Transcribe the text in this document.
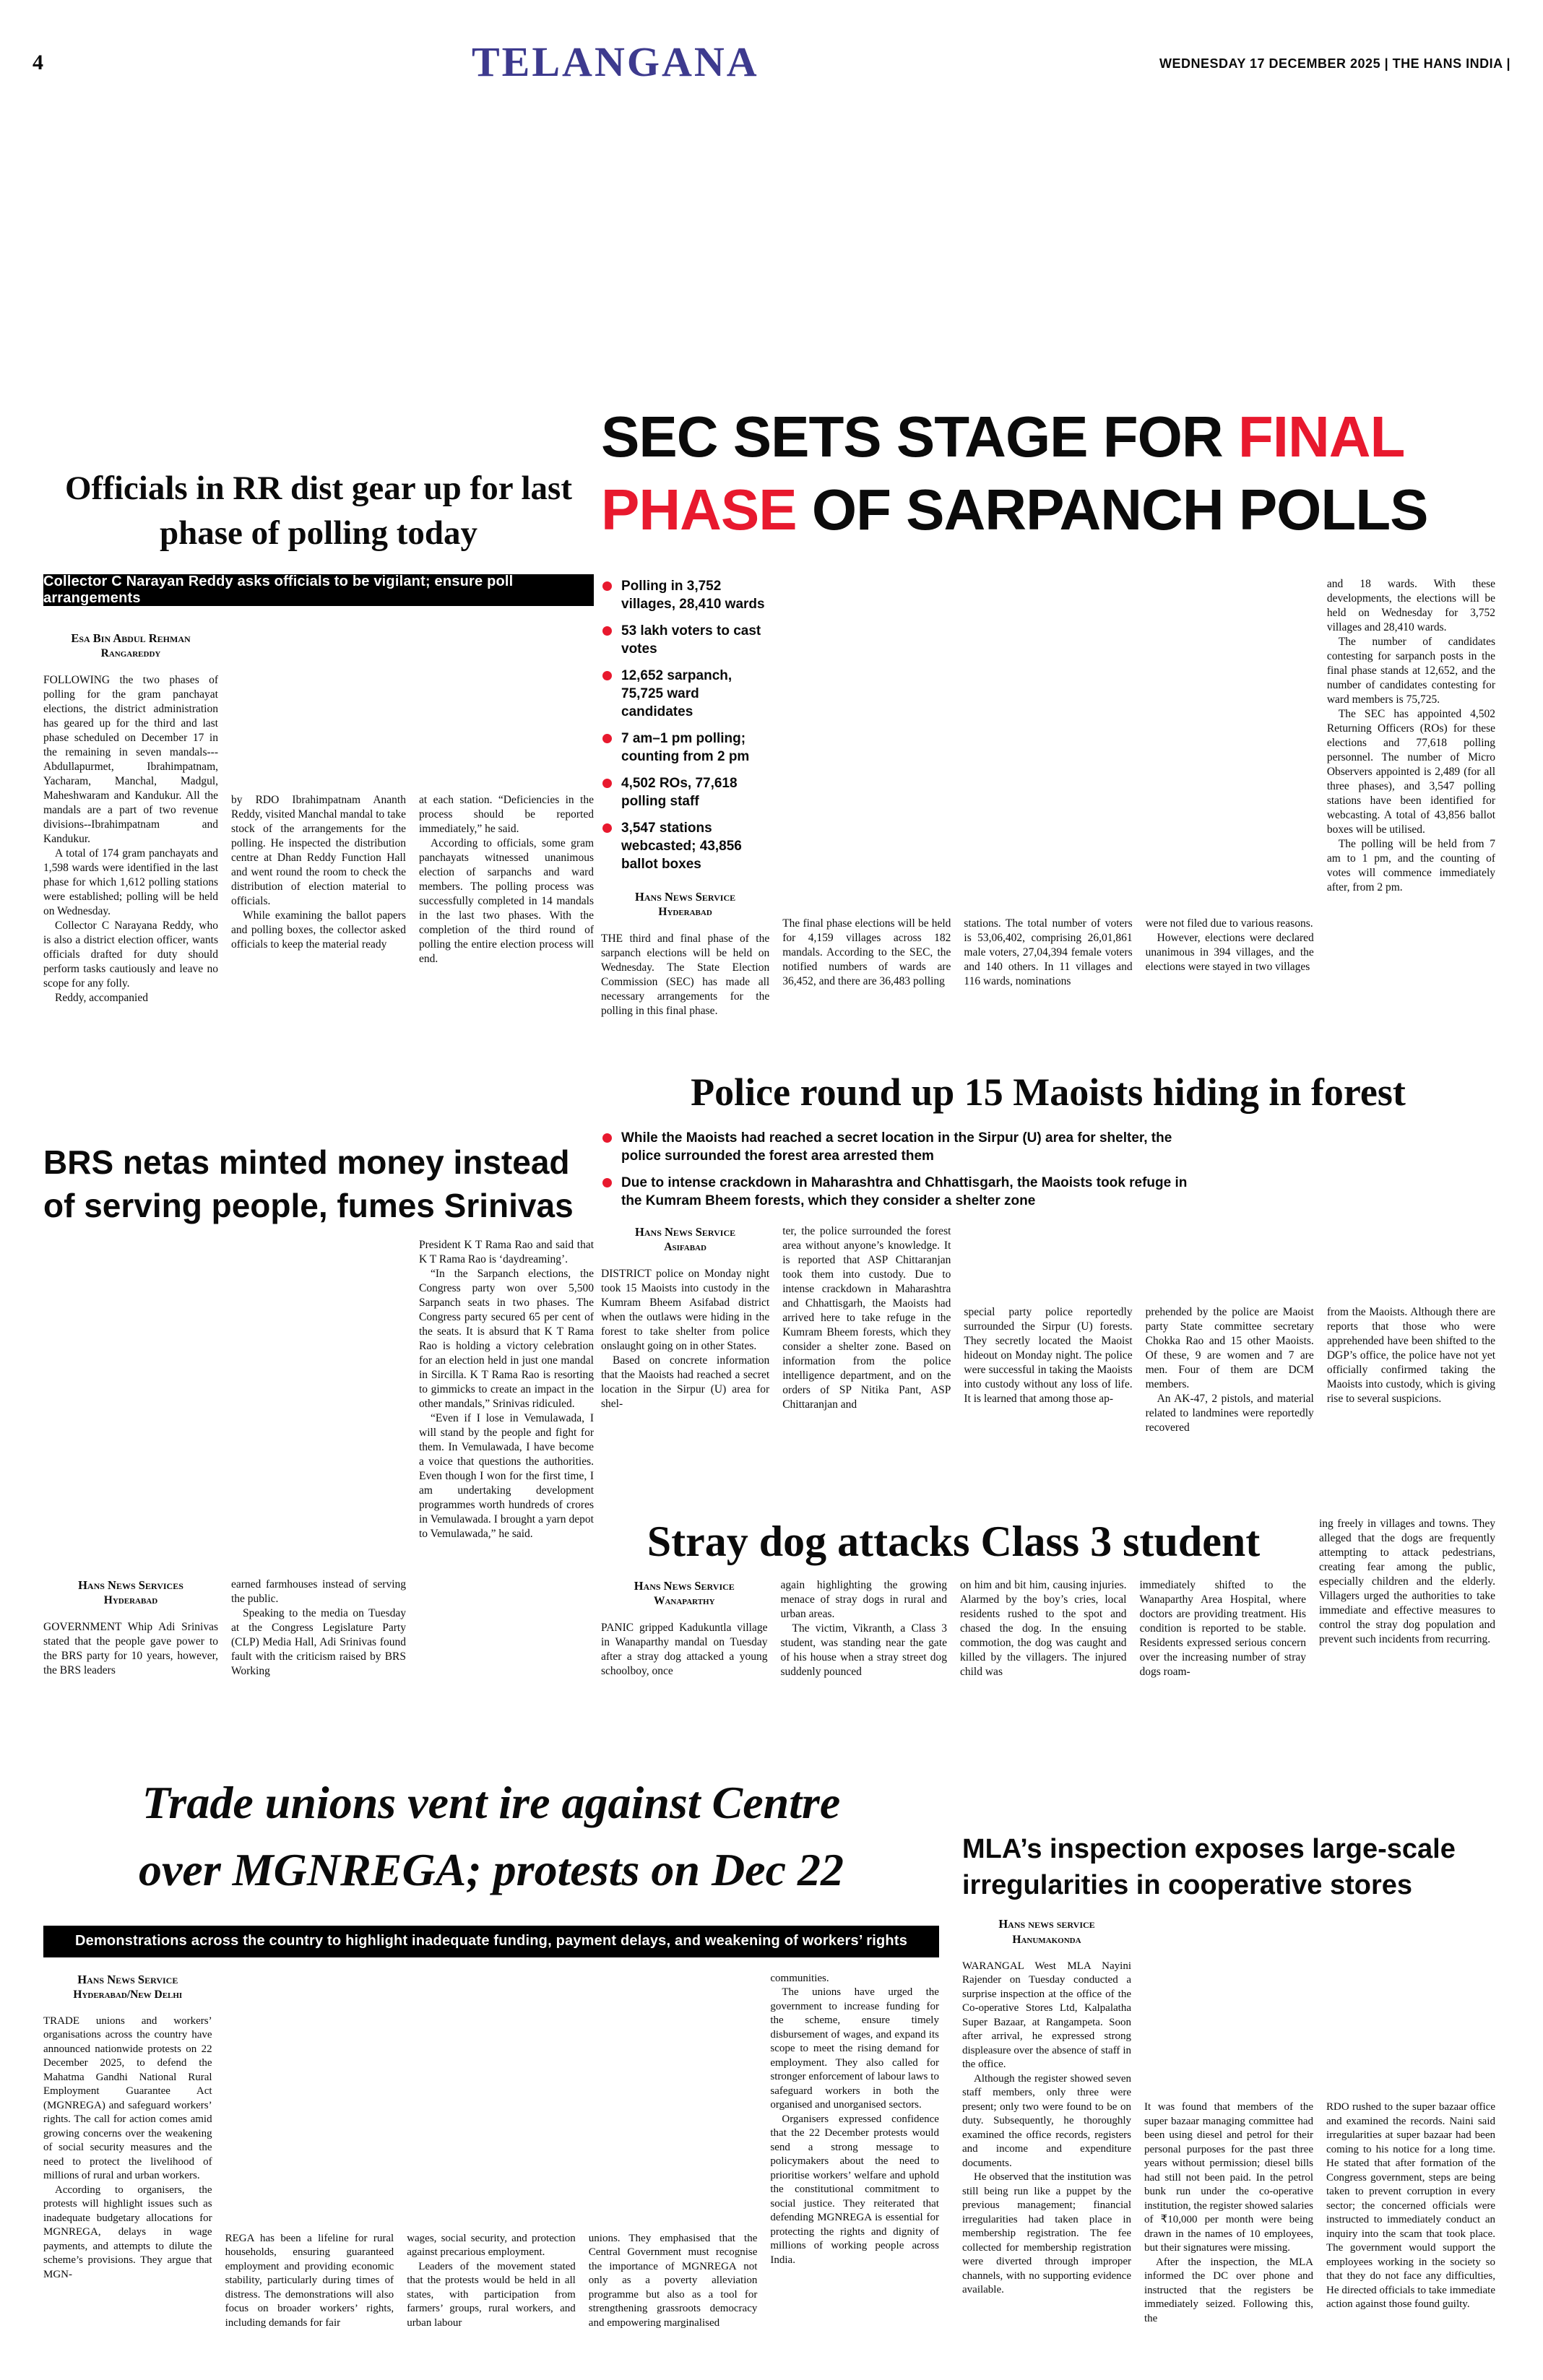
4	TELANGANA	WEDNESDAY 17 DECEMBER 2025 | THE HANS INDIA |
Officials in RR dist gear up for last phase of polling today
Collector C Narayan Reddy asks officials to be vigilant; ensure poll arrangements
Esa Bin Abdul Rehman
Rangareddy

FOLLOWING the two phases of polling for the gram panchayat elections, the district administration has geared up for the third and last phase scheduled on December 17 in the remaining in seven mandals---Abdullapurmet, Ibrahimpatnam, Yacharam, Manchal, Madgul, Maheshwaram and Kandukur. All the mandals are a part of two revenue divisions--Ibrahimpatnam and Kandukur.

A total of 174 gram panchayats and 1,598 wards were identified in the last phase for which 1,612 polling stations were established; polling will be held on Wednesday.

Collector C Narayana Reddy, who is also a district election officer, wants officials drafted for duty should perform tasks cautiously and leave no scope for any folly.

Reddy, accompanied

by RDO Ibrahimpatnam Ananth Reddy, visited Manchal mandal to take stock of the arrangements for the polling. He inspected the distribution centre at Dhan Reddy Function Hall and went round the room to check the distribution of election material to officials.

While examining the ballot papers and polling boxes, the collector asked officials to keep the material ready

at each station. “Deficiencies in the process should be reported immediately,” he said.

According to officials, some gram panchayats witnessed unanimous election of sarpanchs and ward members. The polling process was successfully completed in 14 mandals in the last two phases. With the completion of the third round of polling the entire election process will end.

SEC SETS STAGE FOR FINAL
PHASE OF SARPANCH POLLS
Polling in 3,752 villages, 28,410 wards
53 lakh voters to cast votes
12,652 sarpanch, 75,725 ward candidates
7 am–1 pm polling; counting from 2 pm
4,502 ROs, 77,618 polling staff
3,547 stations webcasted; 43,856 ballot boxes
Hans News Service
Hyderabad

THE third and final phase of the sarpanch elections will be held on Wednesday. The State Election Commission (SEC) has made all necessary arrangements for the polling in this final phase.

The final phase elections will be held for 4,159 villages across 182 mandals. According to the SEC, the notified numbers of wards are 36,452, and there are 36,483 polling

stations. The total number of voters is 53,06,402, comprising 26,01,861 male voters, 27,04,394 female voters and 140 others. In 11 villages and 116 wards, nominations

were not filed due to various reasons.

However, elections were declared unanimous in 394 villages, and the elections were stayed in two villages

and 18 wards. With these developments, the elections will be held on Wednesday for 3,752 villages and 28,410 wards.

The number of candidates contesting for sarpanch posts in the final phase stands at 12,652, and the number of candidates contesting for ward members is 75,725.

The SEC has appointed 4,502 Returning Officers (ROs) for these elections and 77,618 polling personnel. The number of Micro Observers appointed is 2,489 (for all three phases), and 3,547 polling stations have been identified for webcasting. A total of 43,856 ballot boxes will be utilised.

The polling will be held from 7 am to 1 pm, and the counting of votes will commence immediately after, from 2 pm.

Police round up 15 Maoists hiding in forest
While the Maoists had reached a secret location in the Sirpur (U) area for shelter, the police surrounded the forest area arrested them
Due to intense crackdown in Maharashtra and Chhattisgarh, the Maoists took refuge in the Kumram Bheem forests, which they consider a shelter zone
Hans News Service
Asifabad

DISTRICT police on Monday night took 15 Maoists into custody in the Kumram Bheem Asifabad district when the outlaws were hiding in the forest to take shelter from police onslaught going on in other States.

Based on concrete information that the Maoists had reached a secret location in the Sirpur (U) area for shel-

ter, the police surrounded the forest area without anyone’s knowledge. It is reported that ASP Chittaranjan took them into custody. Due to intense crackdown in Maharashtra and Chhattisgarh, the Maoists had arrived here to take refuge in the Kumram Bheem forests, which they consider a shelter zone. Based on information from the police intelligence department, and on the orders of SP Nitika Pant, ASP Chittaranjan and

special party police reportedly surrounded the Sirpur (U) forests. They secretly located the Maoist hideout on Monday night. The police were successful in taking the Maoists into custody without any loss of life. It is learned that among those ap-

prehended by the police are Maoist party State committee secretary Chokka Rao and 15 other Maoists. Of these, 9 are women and 7 are men. Four of them are DCM members.

An AK-47, 2 pistols, and material related to landmines were reportedly recovered

from the Maoists. Although there are reports that those who were apprehended have been shifted to the DGP’s office, the police have not yet officially confirmed taking the Maoists into custody, which is giving rise to several suspicions.

BRS netas minted money instead of serving people, fumes Srinivas
Hans News Services
Hyderabad

GOVERNMENT Whip Adi Srinivas stated that the people gave power to the BRS party for 10 years, however, the BRS leaders

earned farmhouses instead of serving the public.

Speaking to the media on Tuesday at the Congress Legislature Party (CLP) Media Hall, Adi Srinivas found fault with the criticism raised by BRS Working

President K T Rama Rao and said that K T Rama Rao is ‘daydreaming’.

“In the Sarpanch elections, the Congress party won over 5,500 Sarpanch seats in two phases. The Congress party secured 65 per cent of the seats. It is absurd that K T Rama Rao is holding a victory celebration for an election held in just one mandal in Sircilla. K T Rama Rao is resorting to gimmicks to create an impact in the other mandals,” Srinivas ridiculed.

“Even if I lose in Vemulawada, I will stand by the people and fight for them. In Vemulawada, I have become a voice that questions the authorities. Even though I won for the first time, I am undertaking development programmes worth hundreds of crores in Vemulawada. I brought a yarn depot to Vemulawada,” he said.	Stray dog attacks Class 3 student
Hans News Service
Wanaparthy

PANIC gripped Kadukuntla village in Wanaparthy mandal on Tuesday after a stray dog attacked a young schoolboy, once

again highlighting the growing menace of stray dogs in rural and urban areas.

The victim, Vikranth, a Class 3 student, was standing near the gate of his house when a stray street dog suddenly pounced

on him and bit him, causing injuries. Alarmed by the boy’s cries, local residents rushed to the spot and chased the dog. In the ensuing commotion, the dog was caught and killed by the villagers. The injured child was

immediately shifted to the Wanaparthy Area Hospital, where doctors are providing treatment. His condition is reported to be stable. Residents expressed serious concern over the increasing number of stray dogs roam-

ing freely in villages and towns. They alleged that the dogs are frequently attempting to attack pedestrians, creating fear among the public, especially children and the elderly. Villagers urged the authorities to take immediate and effective measures to control the stray dog population and prevent such incidents from recurring.

Trade unions vent ire against Centre
over MGNREGA; protests on Dec 22
Demonstrations across the country to highlight inadequate funding, payment delays, and weakening of workers’ rights
Hans News Service
Hyderabad/New Delhi

TRADE unions and workers’ organisations across the country have announced nationwide protests on 22 December 2025, to defend the Mahatma Gandhi National Rural Employment Guarantee Act (MGNREGA) and safeguard workers’ rights. The call for action comes amid growing concerns over the weakening of social security measures and the need to protect the livelihood of millions of rural and urban workers.

According to organisers, the protests will highlight issues such as inadequate budgetary allocations for MGNREGA, delays in wage payments, and attempts to dilute the scheme’s provisions. They argue that MGN-

REGA has been a lifeline for rural households, ensuring guaranteed employment and providing economic stability, particularly during times of distress. The demonstrations will also focus on broader workers’ rights, including demands for fair

wages, social security, and protection against precarious employment.

Leaders of the movement stated that the protests would be held in all states, with participation from farmers’ groups, rural workers, and urban labour

unions. They emphasised that the Central Government must recognise the importance of MGNREGA not only as a poverty alleviation programme but also as a tool for strengthening grassroots democracy and empowering marginalised

communities.

The unions have urged the government to increase funding for the scheme, ensure timely disbursement of wages, and expand its scope to meet the rising demand for employment. They also called for stronger enforcement of labour laws to safeguard workers in both the organised and unorganised sectors.

Organisers expressed confidence that the 22 December protests would send a strong message to policymakers about the need to prioritise workers’ welfare and uphold the constitutional commitment to social justice. They reiterated that defending MGNREGA is essential for protecting the rights and dignity of millions of working people across India.

MLA’s inspection exposes large-scale irregularities in cooperative stores
Hans news service
Hanumakonda

WARANGAL West MLA Nayini Rajender on Tuesday conducted a surprise inspection at the office of the Co-operative Stores Ltd, Kalpalatha Super Bazaar, at Rangampeta. Soon after arrival, he expressed strong displeasure over the absence of staff in the office.

Although the register showed seven staff members, only three were present; only two were found to be on duty. Subsequently, he thoroughly examined the office records, registers and income and expenditure documents.

He observed that the institution was still being run like a puppet by the previous management; financial irregularities had taken place in membership registration. The fee collected for membership registration were diverted through improper channels, with no supporting evidence available.

It was found that members of the super bazaar managing committee had been using diesel and petrol for their personal purposes for the past three years without permission; diesel bills had still not been paid. In the petrol bunk run under the co-operative institution, the register showed salaries of ₹10,000 per month were being drawn in the names of 10 employees, but their signatures were missing.

After the inspection, the MLA informed the DC over phone and instructed that the registers be immediately seized. Following this, the

RDO rushed to the super bazaar office and examined the records. Naini said irregularities at super bazaar had been coming to his notice for a long time. He stated that after formation of the Congress government, steps are being taken to prevent corruption in every sector; the concerned officials were instructed to immediately conduct an inquiry into the scam that took place. The government would support the employees working in the society so that they do not face any difficulties, He directed officials to take immediate action against those found guilty.
